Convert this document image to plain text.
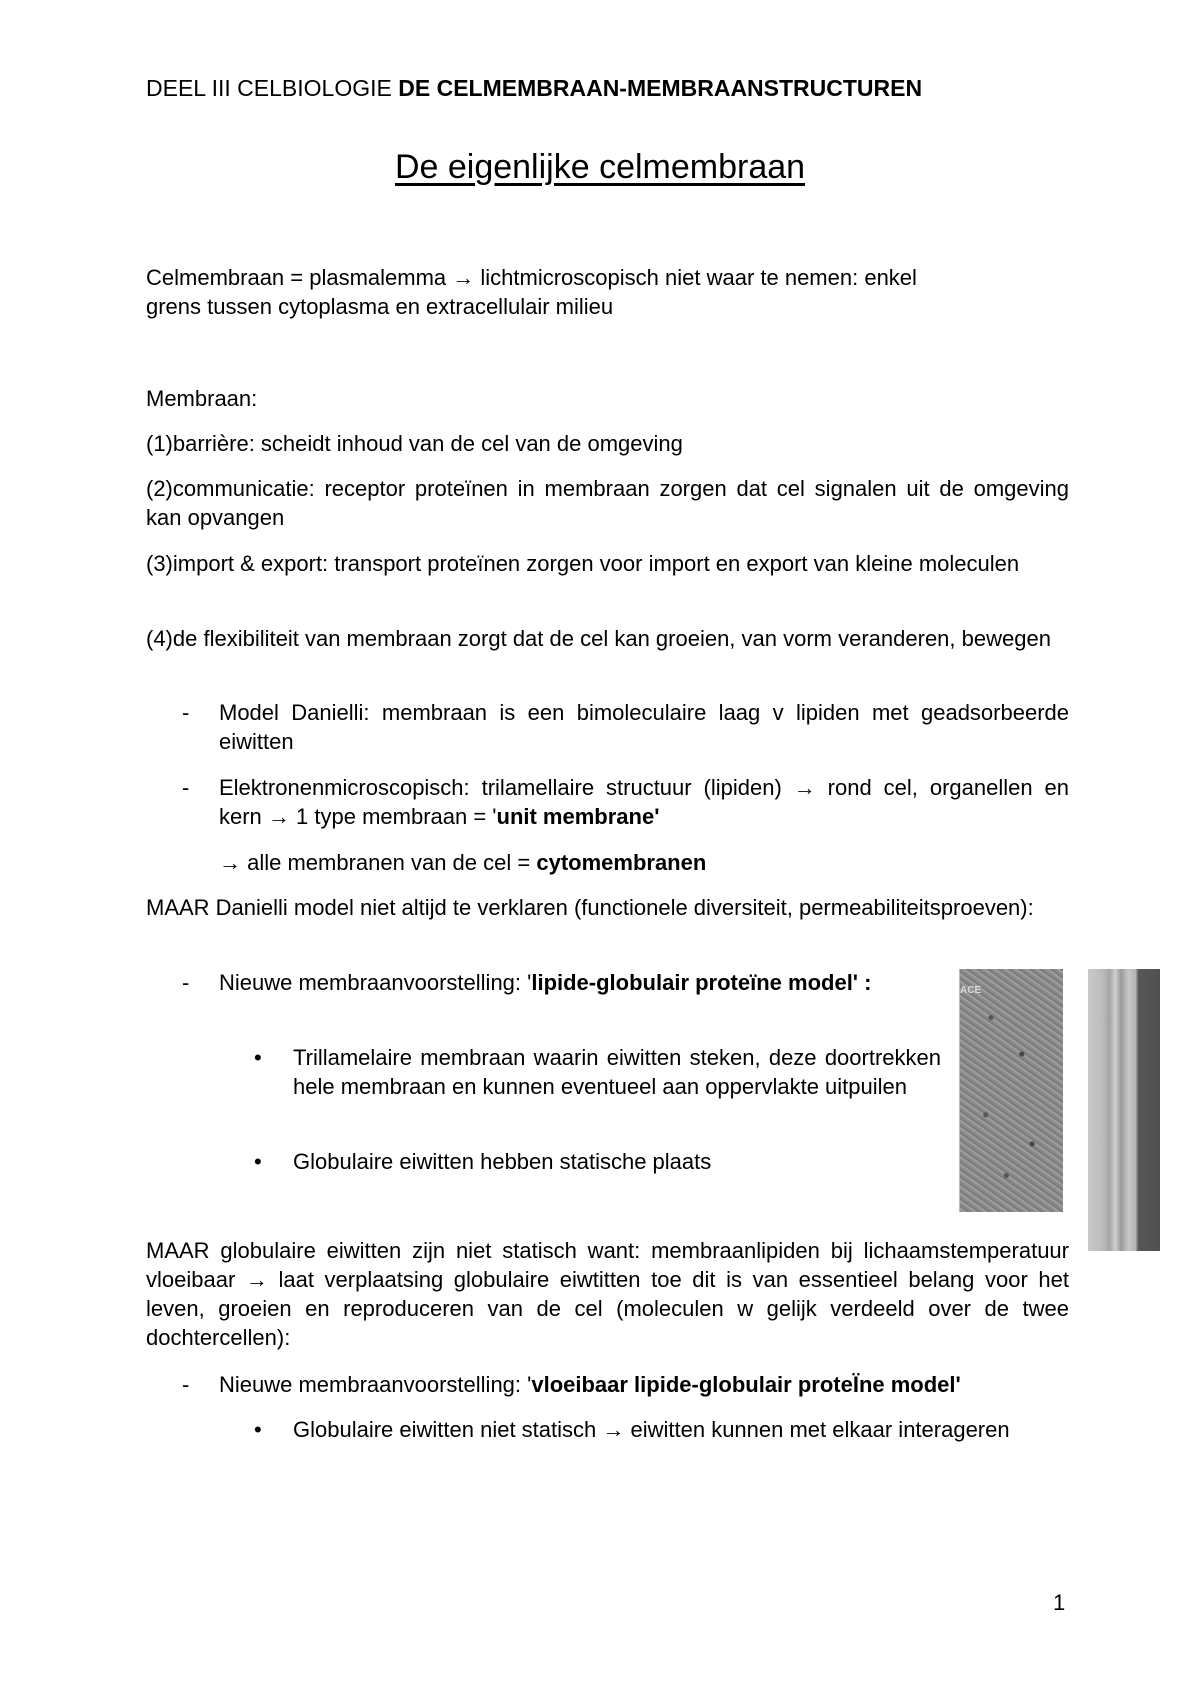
DEEL III CELBIOLOGIE DE CELMEMBRAAN-MEMBRAANSTRUCTUREN
De eigenlijke celmembraan

Celmembraan = plasmalemma → lichtmicroscopisch niet waar te nemen: enkel

grens tussen cytoplasma en extracellulair milieu

Membraan:

(1)barrière: scheidt inhoud van de cel van de omgeving

(2)communicatie: receptor proteïnen in membraan zorgen dat cel signalen uit de omgeving kan opvangen

(3)import & export: transport proteïnen zorgen voor import en export van kleine moleculen

(4)de flexibiliteit van membraan zorgt dat de cel kan groeien, van vorm veranderen, bewegen

-	Model Danielli: membraan is een bimoleculaire laag v lipiden met geadsorbeerde eiwitten

-	Elektronenmicroscopisch: trilamellaire structuur (lipiden) → rond cel, organellen en kern → 1 type membraan = 'unit membrane'

→ alle membranen van de cel = cytomembranen

MAAR Danielli model niet altijd te verklaren (functionele diversiteit, permeabiliteitsproeven):

-	Nieuwe membraanvoorstelling: 'lipide-globulair proteïne model' :

• Trillamelaire membraan waarin eiwitten steken, deze doortrekken hele membraan en kunnen eventueel aan oppervlakte uitpuilen

• Globulaire eiwitten hebben statische plaats

ACE

MAAR globulaire eiwitten zijn niet statisch want: membraanlipiden bij lichaamstemperatuur vloeibaar → laat verplaatsing globulaire eiwtitten toe dit is van essentieel belang voor het leven, groeien en reproduceren van de cel (moleculen w gelijk verdeeld over de twee dochtercellen):

-	Nieuwe membraanvoorstelling: 'vloeibaar lipide-globulair proteÏne model'

• Globulaire eiwitten niet statisch → eiwitten kunnen met elkaar interageren

1
